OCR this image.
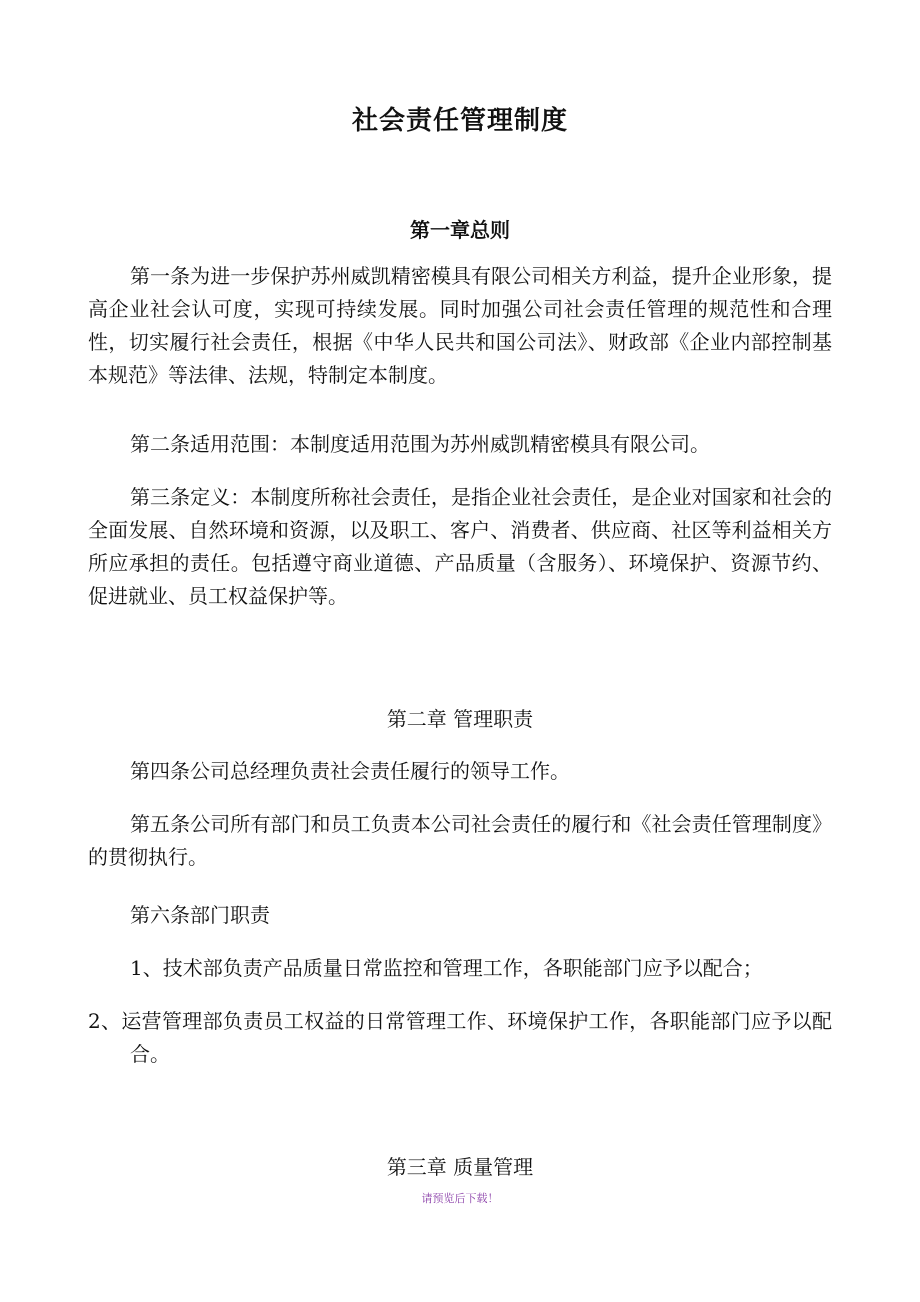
社会责任管理制度
第一章总则

第一条为进一步保护苏州威凯精密模具有限公司相关方利益，提升企业形象，提高企业社会认可度，实现可持续发展。同时加强公司社会责任管理的规范性和合理性，切实履行社会责任，根据《中华人民共和国公司法》、财政部《企业内部控制基本规范》等法律、法规，特制定本制度。

第二条适用范围：本制度适用范围为苏州威凯精密模具有限公司。

第三条定义：本制度所称社会责任，是指企业社会责任，是企业对国家和社会的全面发展、自然环境和资源，以及职工、客户、消费者、供应商、社区等利益相关方所应承担的责任。包括遵守商业道德、产品质量（含服务）、环境保护、资源节约、促进就业、员工权益保护等。

第二章 管理职责

第四条公司总经理负责社会责任履行的领导工作。

第五条公司所有部门和员工负责本公司社会责任的履行和《社会责任管理制度》的贯彻执行。

第六条部门职责

1、技术部负责产品质量日常监控和管理工作，各职能部门应予以配合；

2、运营管理部负责员工权益的日常管理工作、环境保护工作，各职能部门应予以配合。

第三章 质量管理
请预览后下载！
